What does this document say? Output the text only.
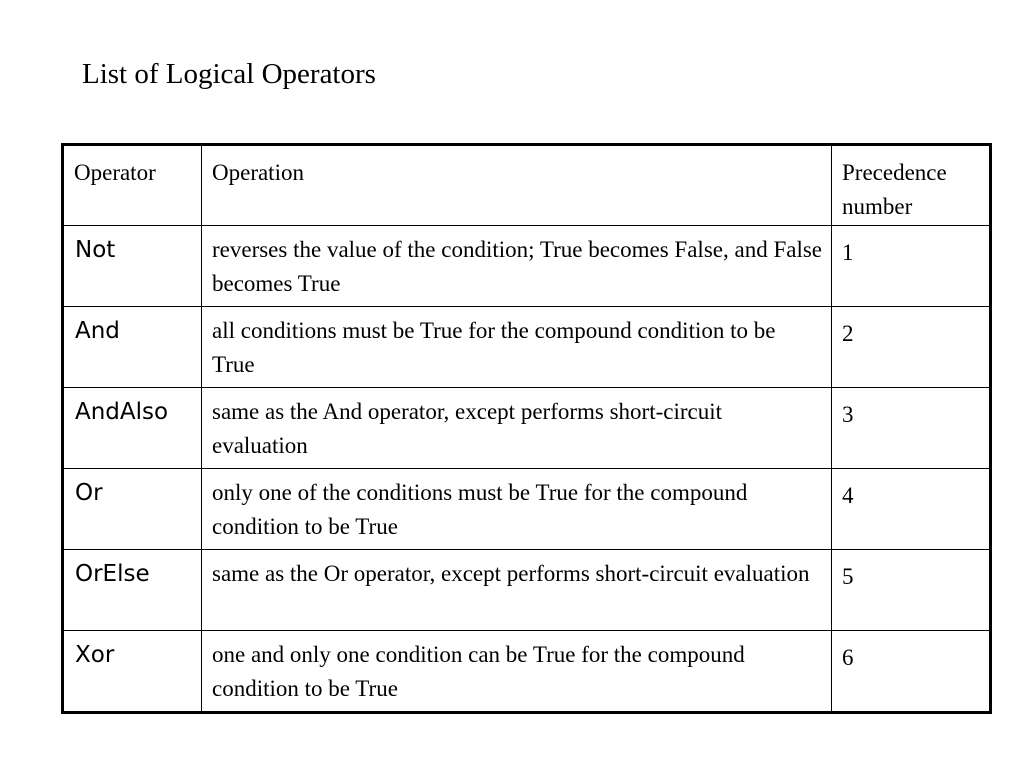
List of Logical Operators
Operator	Operation	Precedence
number

Not	reverses the value of the condition; True becomes False, and False becomes True	1

And	all conditions must be True for the compound condition to be True	2

AndAlso	same as the And operator, except performs short-circuit evaluation	3

Or	only one of the conditions must be True for the compound condition to be True	4

OrElse	same as the Or operator, except performs short-circuit evaluation	5

Xor	one and only one condition can be True for the compound condition to be True	6
